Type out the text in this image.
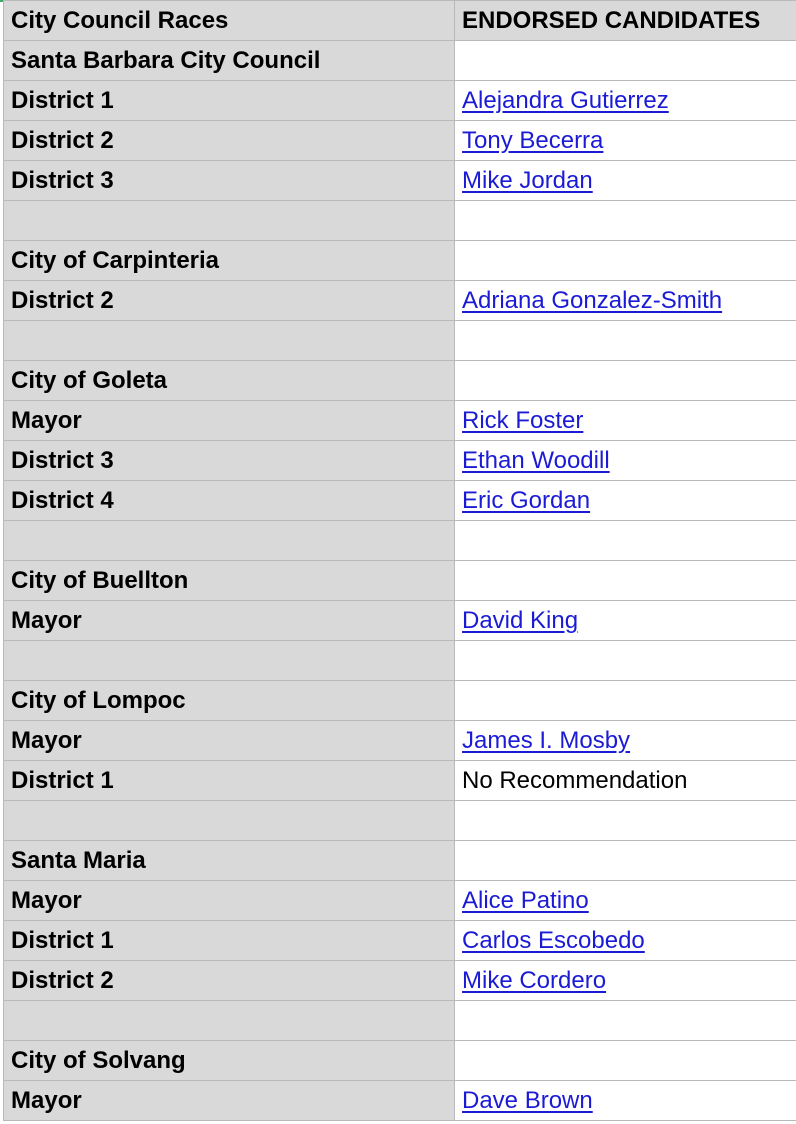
City Council Races	ENDORSED CANDIDATES
Santa Barbara City Council	
District 1	Alejandra Gutierrez
District 2	Tony Becerra
District 3	Mike Jordan

City of Carpinteria	
District 2	Adriana Gonzalez-Smith

City of Goleta	
Mayor	Rick Foster
District 3	Ethan Woodill
District 4	Eric Gordan

City of Buellton	
Mayor	David King

City of Lompoc	
Mayor	James I. Mosby
District 1	No Recommendation

Santa Maria	
Mayor	Alice Patino
District 1	Carlos Escobedo
District 2	Mike Cordero

City of Solvang	
Mayor	Dave Brown
